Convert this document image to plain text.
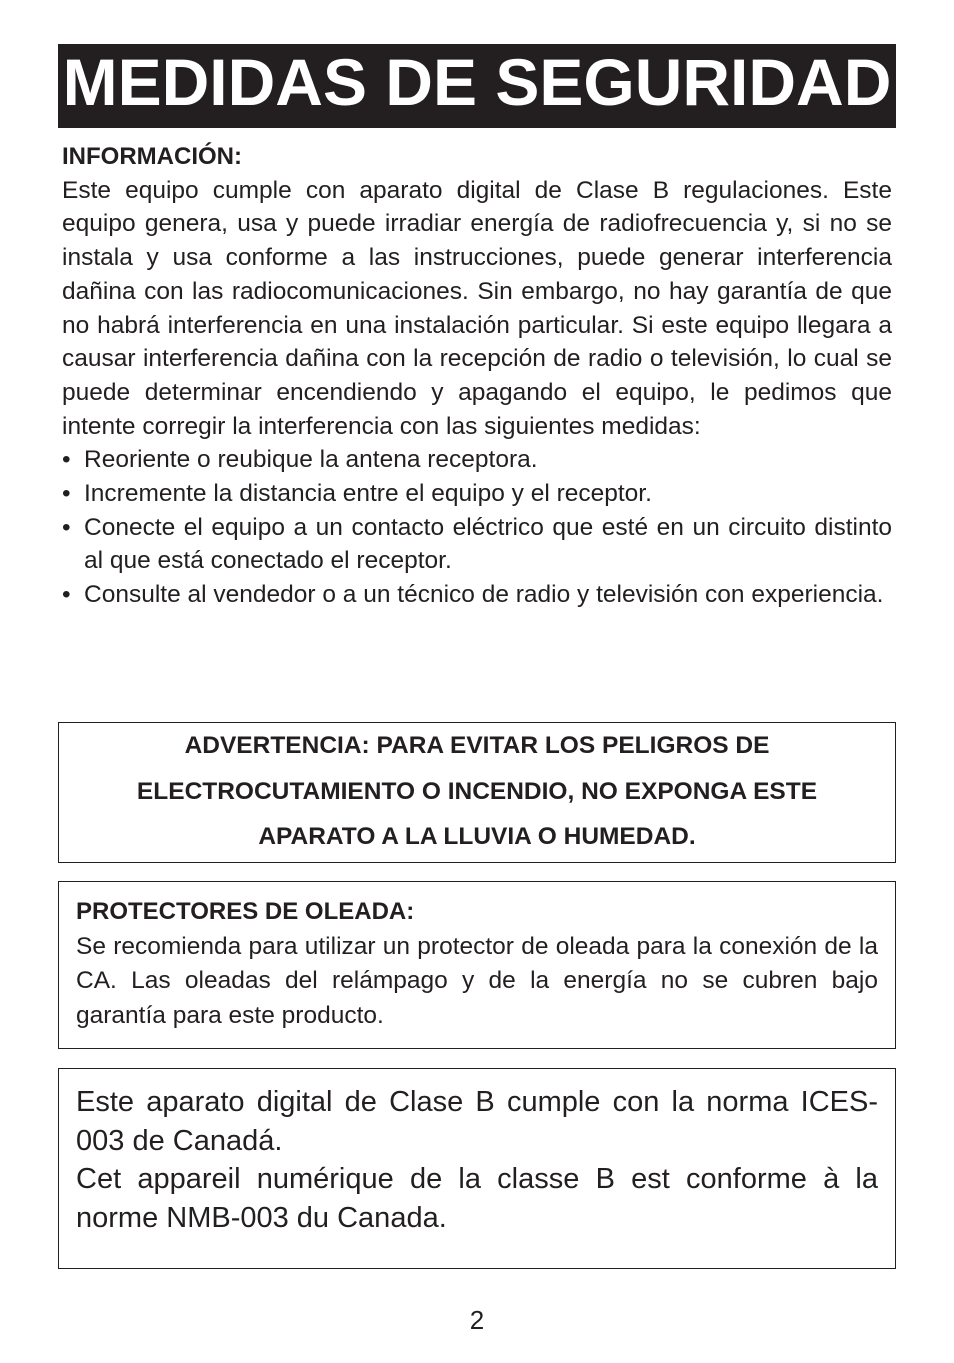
MEDIDAS DE SEGURIDAD

INFORMACIÓN:

Este equipo cumple con aparato digital de Clase B regulaciones. Este equipo genera, usa y puede irradiar energía de radiofrecuencia y, si no se instala y usa conforme a las instrucciones, puede generar interferencia dañina con las radiocomunicaciones. Sin embargo, no hay garantía de que no habrá interferencia en una instalación particular. Si este equipo llegara a causar interferencia dañina con la recepción de radio o televisión, lo cual se puede determinar encendiendo y apagando el equipo, le pedimos que intente corregir la interferencia con las siguientes medidas:

• Reoriente o reubique la antena receptora.
• Incremente la distancia entre el equipo y el receptor.
• Conecte el equipo a un contacto eléctrico que esté en un circuito distinto al que está conectado el receptor.
• Consulte al vendedor o a un técnico de radio y televisión con experiencia.
ADVERTENCIA: PARA EVITAR LOS PELIGROS DE
ELECTROCUTAMIENTO O INCENDIO, NO EXPONGA ESTE
APARATO A LA LLUVIA O HUMEDAD.

PROTECTORES DE OLEADA:

Se recomienda para utilizar un protector de oleada para la conexión de la CA. Las oleadas del relámpago y de la energía no se cubren bajo garantía para este producto.

Este aparato digital de Clase B cumple con la norma ICES-003 de Canadá.

Cet appareil numérique de la classe B est conforme à la norme NMB-003 du Canada.

2
